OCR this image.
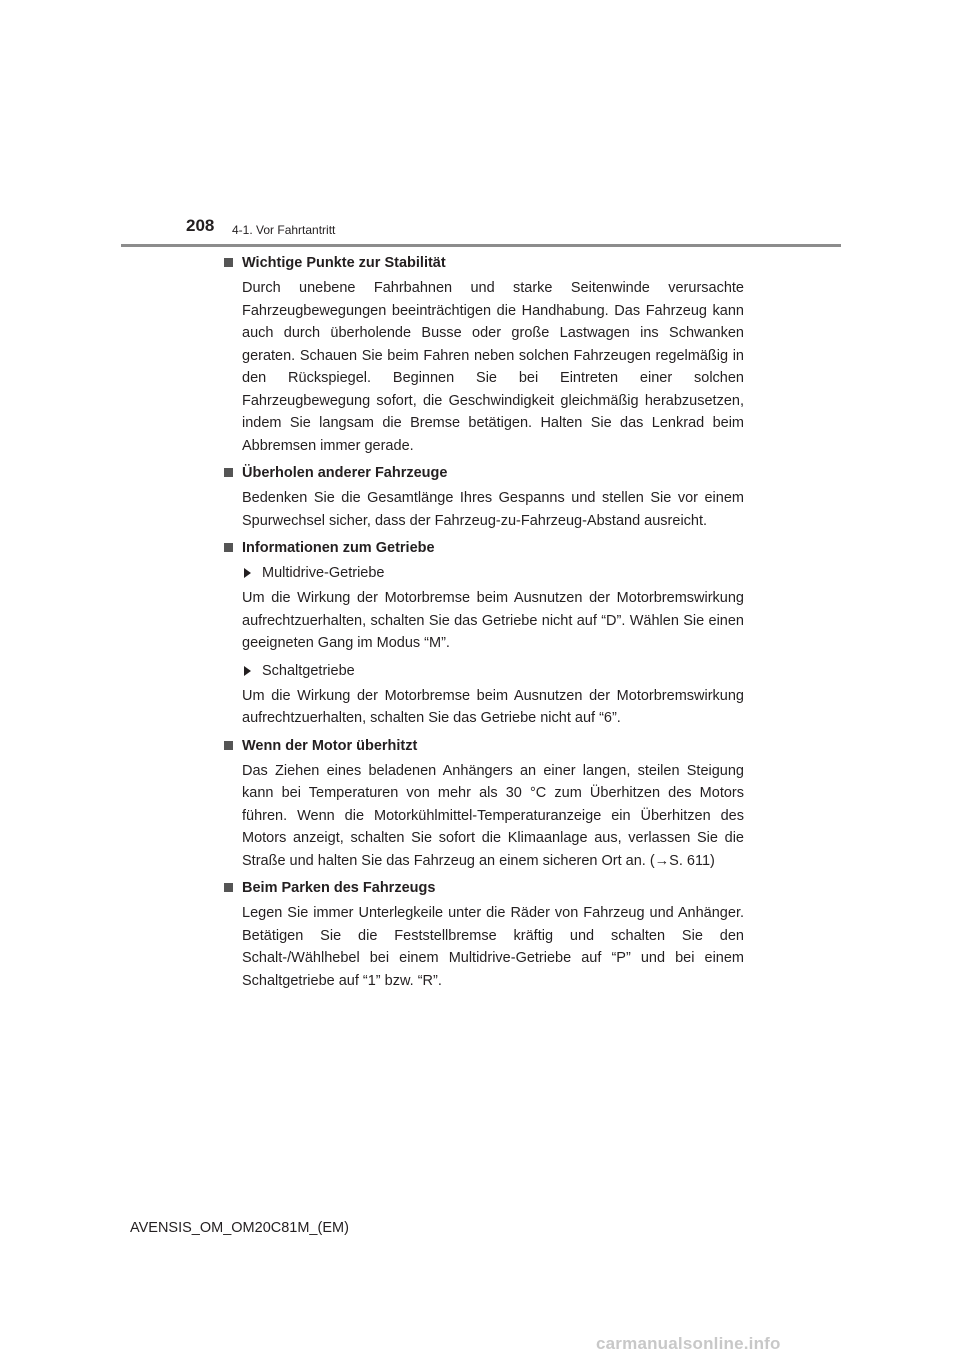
208 4-1. Vor Fahrtantritt
Wichtige Punkte zur Stabilität

Durch unebene Fahrbahnen und starke Seitenwinde verursachte Fahrzeugbewegungen beeinträchtigen die Handhabung. Das Fahrzeug kann auch durch überholende Busse oder große Lastwagen ins Schwanken geraten. Schauen Sie beim Fahren neben solchen Fahrzeugen regelmäßig in den Rückspiegel. Beginnen Sie bei Eintreten einer solchen Fahrzeugbewegung sofort, die Geschwindigkeit gleichmäßig herabzusetzen, indem Sie langsam die Bremse betätigen. Halten Sie das Lenkrad beim Abbremsen immer gerade.

Überholen anderer Fahrzeuge

Bedenken Sie die Gesamtlänge Ihres Gespanns und stellen Sie vor einem Spurwechsel sicher, dass der Fahrzeug-zu-Fahrzeug-Abstand ausreicht.

Informationen zum Getriebe
Multidrive-Getriebe

Um die Wirkung der Motorbremse beim Ausnutzen der Motorbremswirkung aufrechtzuerhalten, schalten Sie das Getriebe nicht auf “D”. Wählen Sie einen geeigneten Gang im Modus “M”.

Schaltgetriebe

Um die Wirkung der Motorbremse beim Ausnutzen der Motorbremswirkung aufrechtzuerhalten, schalten Sie das Getriebe nicht auf “6”.

Wenn der Motor überhitzt

Das Ziehen eines beladenen Anhängers an einer langen, steilen Steigung kann bei Temperaturen von mehr als 30 °C zum Überhitzen des Motors führen. Wenn die Motorkühlmittel-Temperaturanzeige ein Überhitzen des Motors anzeigt, schalten Sie sofort die Klimaanlage aus, verlassen Sie die Straße und halten Sie das Fahrzeug an einem sicheren Ort an. (→S. 611)

Beim Parken des Fahrzeugs

Legen Sie immer Unterlegkeile unter die Räder von Fahrzeug und Anhänger. Betätigen Sie die Feststellbremse kräftig und schalten Sie den Schalt-/Wählhebel bei einem Multidrive-Getriebe auf “P” und bei einem Schaltgetriebe auf “1” bzw. “R”.

AVENSIS_OM_OM20C81M_(EM)
carmanualsonline.info
